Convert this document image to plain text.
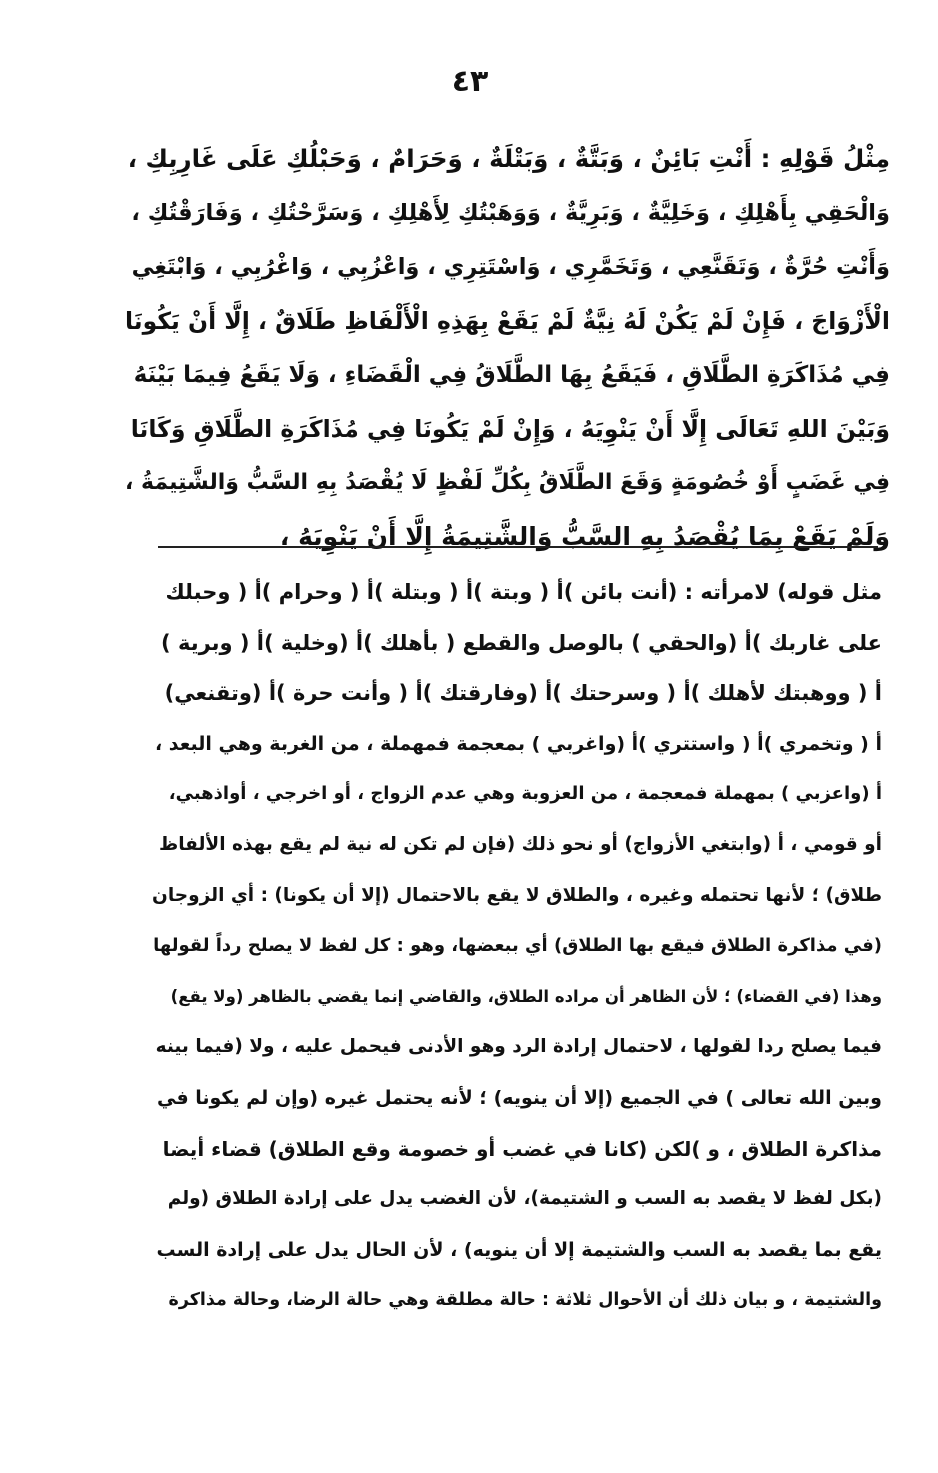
٤٣
مِثْلُ قَوْلِهِ : أَنْتِ بَائِنٌ ، وَبَتَّةٌ ، وَبَتْلَةٌ ، وَحَرَامٌ ، وَحَبْلُكِ عَلَى غَارِبِكِ ،
وَالْحَقِي بِأَهْلِكِ ، وَخَلِيَّةٌ ، وَبَرِيَّةٌ ، وَوَهَبْتُكِ لِأَهْلِكِ ، وَسَرَّحْتُكِ ، وَفَارَقْتُكِ ،
وَأَنْتِ حُرَّةٌ ، وَتَقَنَّعِي ، وَتَخَمَّرِي ، وَاسْتَتِرِي ، وَاعْزُبِي ، وَاغْرُبِي ، وَابْتَغِي
الْأَزْوَاجَ ، فَإِنْ لَمْ يَكُنْ لَهُ نِيَّةٌ لَمْ يَقَعْ بِهَذِهِ الْأَلْفَاظِ طَلَاقٌ ، إِلَّا أَنْ يَكُونَا
فِي مُذَاكَرَةِ الطَّلَاقِ ، فَيَقَعُ بِهَا الطَّلَاقُ فِي الْقَضَاءِ ، وَلَا يَقَعُ فِيمَا بَيْنَهُ
وَبَيْنَ اللهِ تَعَالَى إِلَّا أَنْ يَنْوِيَهُ ، وَإِنْ لَمْ يَكُونَا فِي مُذَاكَرَةِ الطَّلَاقِ وَكَانَا
فِي غَضَبٍ أَوْ خُصُومَةٍ وَقَعَ الطَّلَاقُ بِكُلِّ لَفْظٍ لَا يُقْصَدُ بِهِ السَّبُّ وَالشَّتِيمَةُ ،
وَلَمْ يَقَعْ بِمَا يُقْصَدُ بِهِ السَّبُّ وَالشَّتِيمَةُ إِلَّا أَنْ يَنْوِيَهُ ،
مثل قوله) لامرأته : (أنت بائن )أ ( وبتة )أ ( وبتلة )أ ( وحرام )أ ( وحبلك
على غاربك )أ (والحقي ) بالوصل والقطع ( بأهلك )أ (وخلية )أ ( وبرية )
أ ( ووهبتك لأهلك )أ ( وسرحتك )أ (وفارقتك )أ ( وأنت حرة )أ (وتقنعي)
أ ( وتخمري )أ ( واستتري )أ (واغربي ) بمعجمة فمهملة ، من الغربة وهي البعد ،
أ (واعزبي ) بمهملة فمعجمة ، من العزوبة وهي عدم الزواج ، أو اخرجي ، أواذهبي،
أو قومي ، أ (وابتغي الأزواج) أو نحو ذلك (فإن لم تكن له نية لم يقع بهذه الألفاظ
طلاق) ؛ لأنها تحتمله وغيره ، والطلاق لا يقع بالاحتمال (إلا أن يكونا) : أي الزوجان
(في مذاكرة الطلاق فيقع بها الطلاق) أي ببعضها، وهو : كل لفظ لا يصلح رداً لقولها
وهذا (في القضاء) ؛ لأن الظاهر أن مراده الطلاق، والقاضي إنما يقضي بالظاهر (ولا يقع)
فيما يصلح ردا لقولها ، لاحتمال إرادة الرد وهو الأدنى فيحمل عليه ، ولا (فيما بينه
وبين الله تعالى ) في الجميع (إلا أن ينويه) ؛ لأنه يحتمل غيره (وإن لم يكونا في
مذاكرة الطلاق ، و )لكن (كانا في غضب أو خصومة وقع الطلاق) قضاء أيضا
(بكل لفظ لا يقصد به السب و الشتيمة)، لأن الغضب يدل على إرادة الطلاق (ولم
يقع بما يقصد به السب والشتيمة إلا أن ينويه) ، لأن الحال يدل على إرادة السب
والشتيمة ، و بيان ذلك أن الأحوال ثلاثة : حالة مطلقة وهي حالة الرضا، وحالة مذاكرة
